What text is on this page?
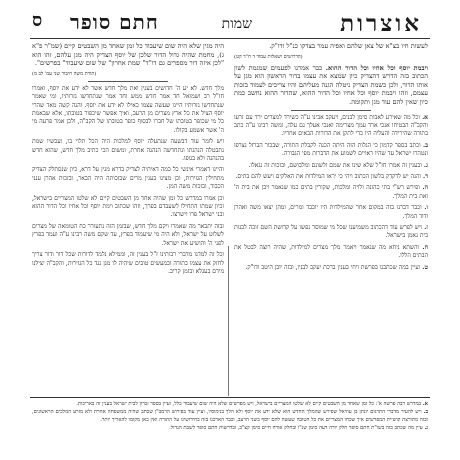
אוצרות
שמות
חתם סופר
ס
לעשות חיו בצ"א של צאן שלהם ואפיה עמר בצדקו כנ"ל ודו"ק.
(הדרושים ושאלות עמוד ד ח"ד קט)
ויבמת יוסף וכל אחיו וכל הדור ההוא. כבר אמרנו לפעמים שמגמת לשון הכתוב בזה הדרש דהצדיק כיון שמצא את עצמו בדור הראשון הוא מגן על אותו הדור, ולכן כשמת הצדיק ניטלה הגנה מעליהם והיו צריכים לעמוד בזכות עצמם, וזהו ויבמת יוסף וכל אחיו וכל הדור ההוא, שהדור ההוא נחשב כמת כיון שאין להם עוד מגן ותקומה.
א. וכל מה שאירע לאבות סימן לבנים, ויעקב אבינו ע"ה כשירד למצרים ירד עם זרעו והקב"ה הבטיחו אנכי ארד עמך מצרימה ואנכי אעלך גם עלה, ומשה רבינו ע"ה כתב בתורה שהירידה והעליה היו כדי לתקן את הדורות הבאים אחריו.
ב. וכתב בספר קדמון כי הגלות הזה היתה הכנה לקבלת התורה, שבכור הברזל נצרפו ונטהרו ישראל עד שהיו ראויים לשמוע את הדברות מפי הגבורה.
ג. ובענין זה אמרו חז"ל שלא שינו את שמם ולשונם ומלבושם, ובזכות זה נגאלו.
ד. והנה יש לדקדק בלשון הכתוב ויהי כי יראו המילדות את האלקים ויעש להם בתים.
ה. ופירש רש"י בתי כהונה ולויה ומלכות, שקורין בתים כמו שנאמר ויבן את בית ה' ואת בית המלך.
ו. וכבר דברנו בזה במקום אחר שהמילדות היו יוכבד ומרים, ומהן יצאו משה ואהרן ודוד המלך.
ז. ויש לפרש עוד דהכתוב משמיענו שכל מי שמוסר נפשו על קדושת השם זוכה לבנות בית נאמן בישראל.
ח. והשתא ניחא מה שנאמר ויאמר מלך מצרים למילדות, שהיה רוצה לבטל את הבתים הללו.
ט. ועיין במה שכתבנו בפרשת ויחי בענין ברכת יעקב לבניו, ובזה יובן היטב ודו"ק.
היה מגין שלא היה שום שיעבוד כל זמן שאחד מן השבטים קיים (שמ"ר פ"א ג), מחמת שהיה גדול הדור שלכן של יוסף הצדיק היה מגן עלהם, זהו הוא "לכן איזה דור מספרים גם דו"ד" שמת אחרון" של שום שיעבוד" בפרשים".
(תורת משה חיבור שני עמ' לב מ)
מלך חדש. לא יע ה' חדושים בענין ואת מלך חדש אשר לא ידע את יוסף, ואמרו חז"ל רב ושמואל חד אמר חדש ממש וחד אמר שנתחדשו גזרותיו, ומי שאמר שנתחדשו גזרותיו היינו שעשה עצמו כאילו לא ידע את יוסף. והנה קשה מאד שהרי יוסף הציל את כל ארץ מצרים מן הרעב, ואיך אפשר שיכפור בטובתו, אלא שבאמת כל מי שכופר בטובתו של חברו לבסוף כופר בטובתו של הקב"ה, ולכן אמר פרעה מי ה' אשר אשמע בקולו.
ויש לומר עוד דבשעה שנתעלה יוסף למלכות היה הכל תלוי בו, ועכשיו שמת נתבטלה הנהגתו ונתחדשה הנהגה אחרת, ומשום הכי כתיב מלך חדש, שהוא חדש בהנהגה ולא בגופו.
והיינו דאמרי אינשי כל כמה דאיתיה לצדיק בדרא מגין על דרא, כיון שנסתלק הצדיק מתחילין הגזירות, וכן מצינו בענין מרים שבזכותה היה הבאר, ובזכות אהרן ענני הכבוד, ובזכות משה המן.
וכן אמרו במדרש כל זמן שהיה אחד מן השבטים קיים לא שלטו המצריים בישראל, וכיון שמתו התחילו לשעבדם בפרך, וזהו שכתוב וימת יוסף וכל אחיו וכל הדור ההוא ובני ישראל פרו וישרצו.
ובזה יתבאר מה שאמרו ויקם מלך חדש, שבזמן הזה נתעורר כח הטומאה של מצרים לשלוט על ישראל, ולא היה מי שיעמוד בפרץ, עד שקם משה רבינו ע"ה ועמד בפרץ לפני ה' והושיע את ישראל.
וכל זה למדנו מדברי רבותינו ז"ל בענין זה, וממילא נלמד לדורות שכל דור ודור צריך לחזק את עצמו בתורה ובמעשים טובים שיהיה לו מגן נגד כל הגזירות, והקב"ה יצילנו מידם בעגלא ובזמן קריב.
א. במדרש רבה פרשה א': כל זמן שאחד מן השבטים קיים לא שלטו המצריים בישראל, ויש מפרשים שלא היה שום שיעבוד כלל, ועיין בספר זכרון לבית ישראל בענין זה באריכות.
ב. ויש להעיר מדברי התרגום יונתן בן עוזיאל שפירש שהמלך החדש הוא שלא ידע את יוסף ולא הלך בנימוסיו, ועיין עוד בפירוש הרמב"ן שכתב שהיה ממשפחה אחרת ולא מזרע המלכים הראשונים, ובזה מתורצת קושיית המפרשים איך שכחו המצריים את כל הטובה שעשה להם יוסף בשני הרעב, וכבר הארכנו בזה בחידושינו על התורה ואין כאן מקומו להאריך יותר.
ג. עיין מה שכתב בזה בשו"ת חתם סופר חלק יורה דעה סימן שנ"ו ובחלק אורח חיים סימן קצ"ב, ובדרשות חתם סופר לשבת הגדול.
